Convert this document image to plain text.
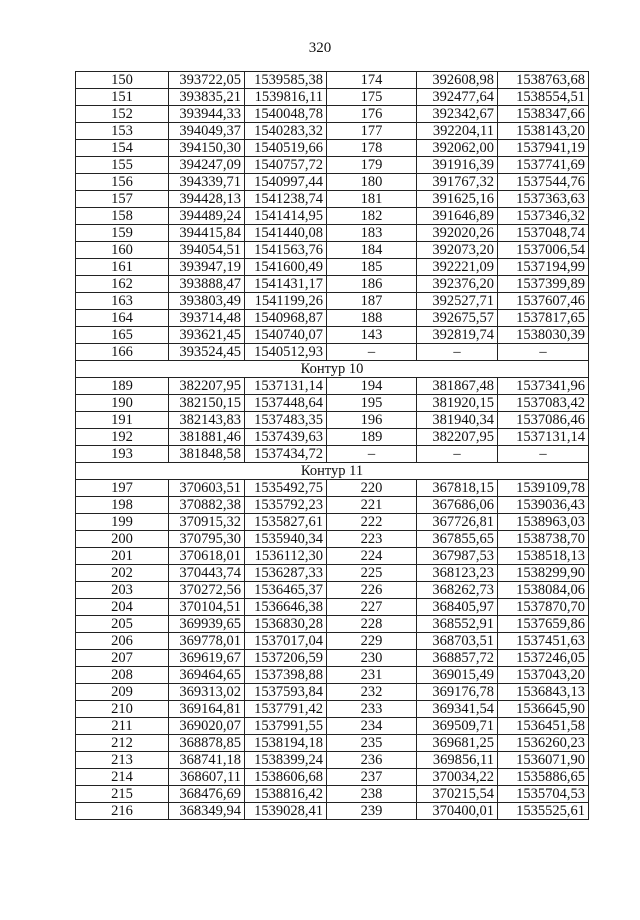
320
150	393722,05	1539585,38	174	392608,98	1538763,68
151	393835,21	1539816,11	175	392477,64	1538554,51
152	393944,33	1540048,78	176	392342,67	1538347,66
153	394049,37	1540283,32	177	392204,11	1538143,20
154	394150,30	1540519,66	178	392062,00	1537941,19
155	394247,09	1540757,72	179	391916,39	1537741,69
156	394339,71	1540997,44	180	391767,32	1537544,76
157	394428,13	1541238,74	181	391625,16	1537363,63
158	394489,24	1541414,95	182	391646,89	1537346,32
159	394415,84	1541440,08	183	392020,26	1537048,74
160	394054,51	1541563,76	184	392073,20	1537006,54
161	393947,19	1541600,49	185	392221,09	1537194,99
162	393888,47	1541431,17	186	392376,20	1537399,89
163	393803,49	1541199,26	187	392527,71	1537607,46
164	393714,48	1540968,87	188	392675,57	1537817,65
165	393621,45	1540740,07	143	392819,74	1538030,39
166	393524,45	1540512,93	–	–	–
Контур 10					
189	382207,95	1537131,14	194	381867,48	1537341,96
190	382150,15	1537448,64	195	381920,15	1537083,42
191	382143,83	1537483,35	196	381940,34	1537086,46
192	381881,46	1537439,63	189	382207,95	1537131,14
193	381848,58	1537434,72	–	–	–
Контур 11					
197	370603,51	1535492,75	220	367818,15	1539109,78
198	370882,38	1535792,23	221	367686,06	1539036,43
199	370915,32	1535827,61	222	367726,81	1538963,03
200	370795,30	1535940,34	223	367855,65	1538738,70
201	370618,01	1536112,30	224	367987,53	1538518,13
202	370443,74	1536287,33	225	368123,23	1538299,90
203	370272,56	1536465,37	226	368262,73	1538084,06
204	370104,51	1536646,38	227	368405,97	1537870,70
205	369939,65	1536830,28	228	368552,91	1537659,86
206	369778,01	1537017,04	229	368703,51	1537451,63
207	369619,67	1537206,59	230	368857,72	1537246,05
208	369464,65	1537398,88	231	369015,49	1537043,20
209	369313,02	1537593,84	232	369176,78	1536843,13
210	369164,81	1537791,42	233	369341,54	1536645,90
211	369020,07	1537991,55	234	369509,71	1536451,58
212	368878,85	1538194,18	235	369681,25	1536260,23
213	368741,18	1538399,24	236	369856,11	1536071,90
214	368607,11	1538606,68	237	370034,22	1535886,65
215	368476,69	1538816,42	238	370215,54	1535704,53
216	368349,94	1539028,41	239	370400,01	1535525,61
